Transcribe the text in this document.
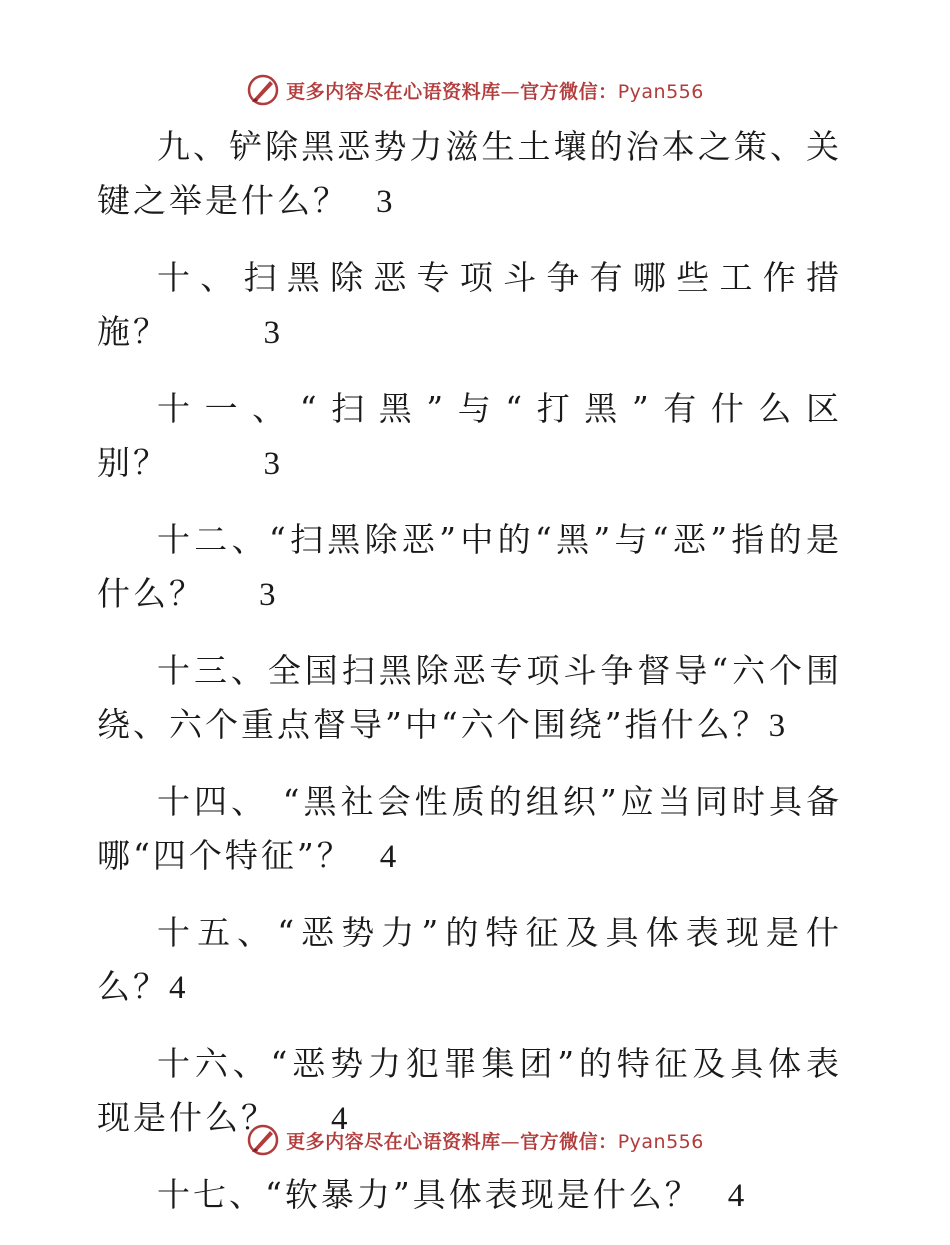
更多内容尽在心语资料库—官方微信：Pyan556

九、铲除黑恶势力滋生土壤的治本之策、关键之举是什么？ 3

十、扫黑除恶专项斗争有哪些工作措施？	3

十一、“扫黑”与“打黑”有什么区别？	3

十二、“扫黑除恶”中的“黑”与“恶”指的是什么？ 3

十三、全国扫黑除恶专项斗争督导“六个围绕、六个重点督导”中“六个围绕”指什么？3

十四、 “黑社会性质的组织”应当同时具备哪“四个特征”？ 4

十五、“恶势力”的特征及具体表现是什么？4

十六、“恶势力犯罪集团”的特征及具体表现是什么？ 4

十七、“软暴力”具体表现是什么？ 4

更多内容尽在心语资料库—官方微信：Pyan556
